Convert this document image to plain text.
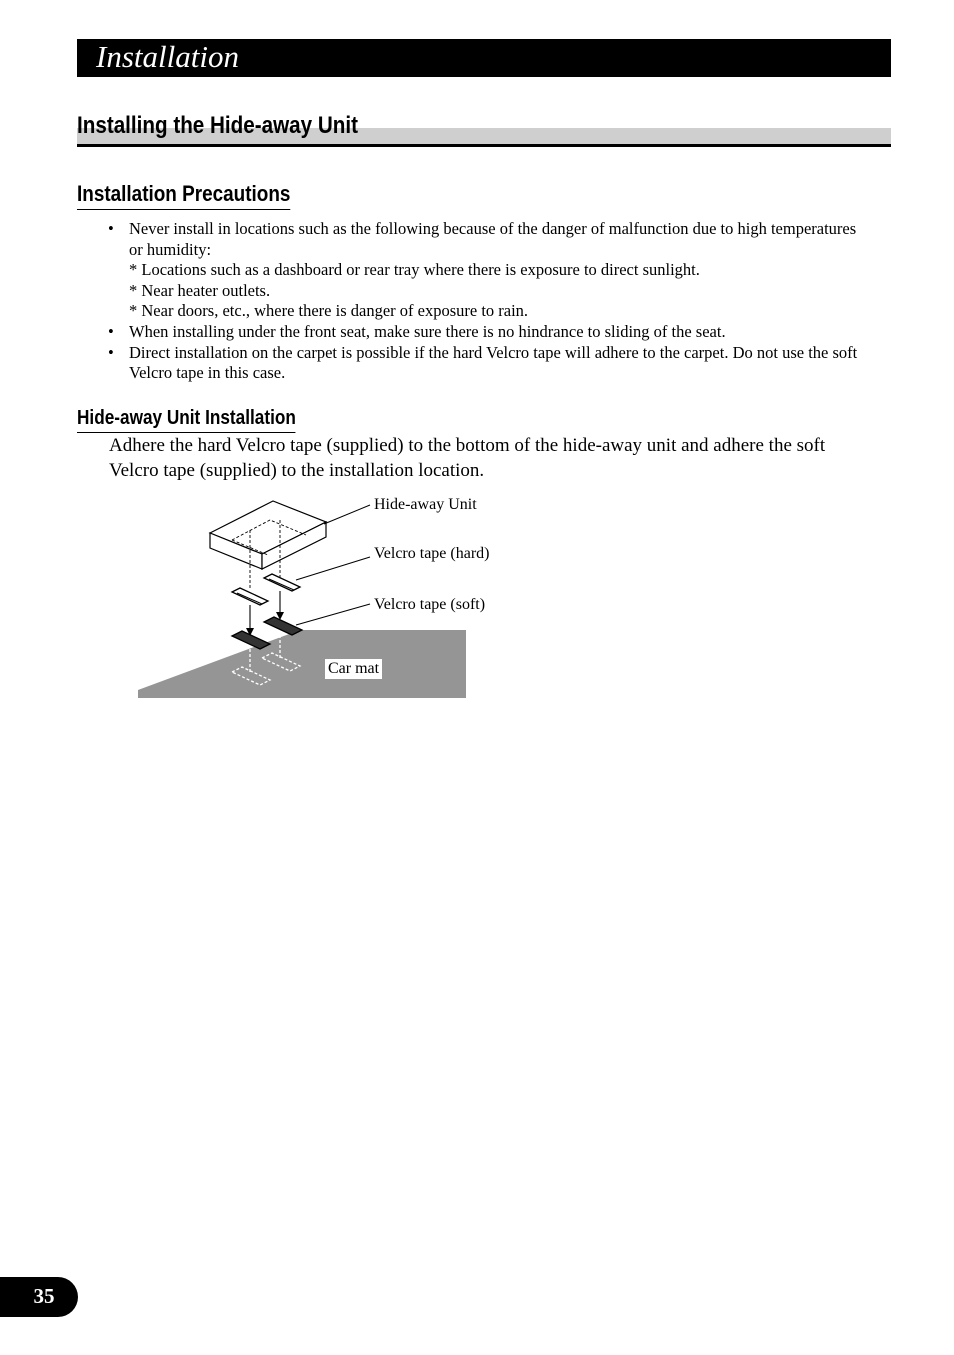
Installation
Installing the Hide-away Unit
Installation Precautions
• Never install in locations such as the following because of the danger of malfunction due to high temperatures or humidity:
* Locations such as a dashboard or rear tray where there is exposure to direct sunlight.
* Near heater outlets.
* Near doors, etc., where there is danger of exposure to rain.
• When installing under the front seat, make sure there is no hindrance to sliding of the seat.
• Direct installation on the carpet is possible if the hard Velcro tape will adhere to the carpet. Do not use the soft Velcro tape in this case.
Hide-away Unit Installation
Adhere the hard Velcro tape (supplied) to the bottom of the hide-away unit and adhere the soft Velcro tape (supplied) to the installation location.
Hide-away Unit
Velcro tape (hard)
Velcro tape (soft)
Car mat
35
